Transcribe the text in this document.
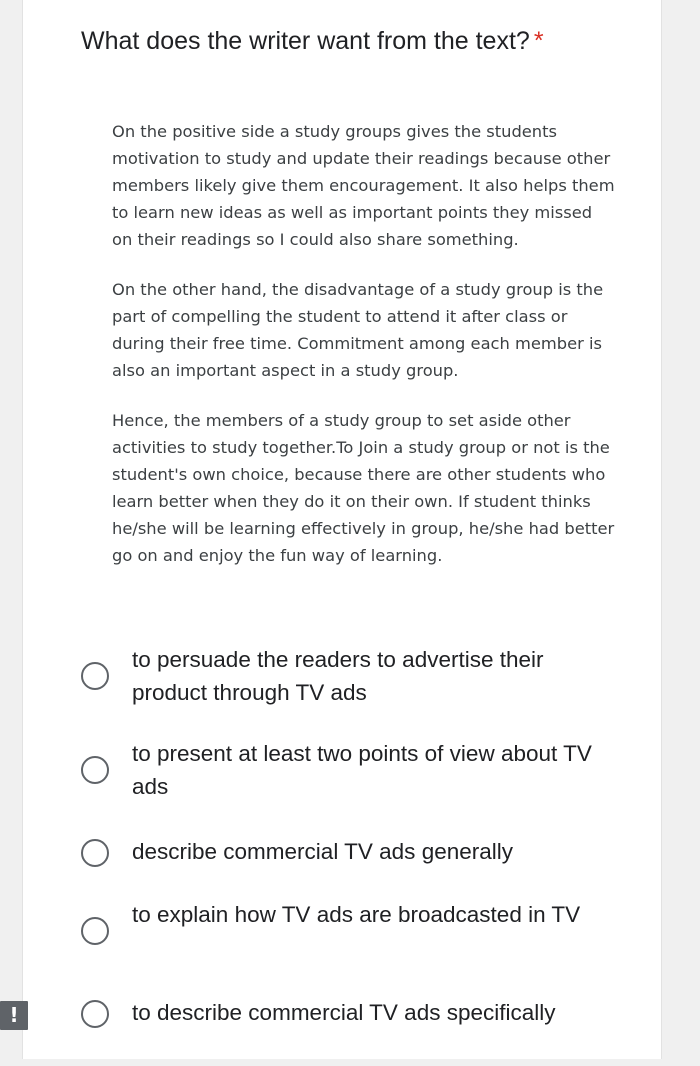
What does the writer want from the text? *

On the positive side a study groups gives the students motivation to study and update their readings because other members likely give them encouragement. It also helps them to learn new ideas as well as important points they missed on their readings so I could also share something.

On the other hand, the disadvantage of a study group is the part of compelling the student to attend it after class or during their free time. Commitment among each member is also an important aspect in a study group.

Hence, the members of a study group to set aside other activities to study together.To Join a study group or not is the student's own choice, because there are other students who learn better when they do it on their own. If student thinks he/she will be learning effectively in group, he/she had better go on and enjoy the fun way of learning.

to persuade the readers to advertise their product through TV ads
to present at least two points of view about TV ads
describe commercial TV ads generally
to explain how TV ads are broadcasted in TV
to describe commercial TV ads specifically
!
